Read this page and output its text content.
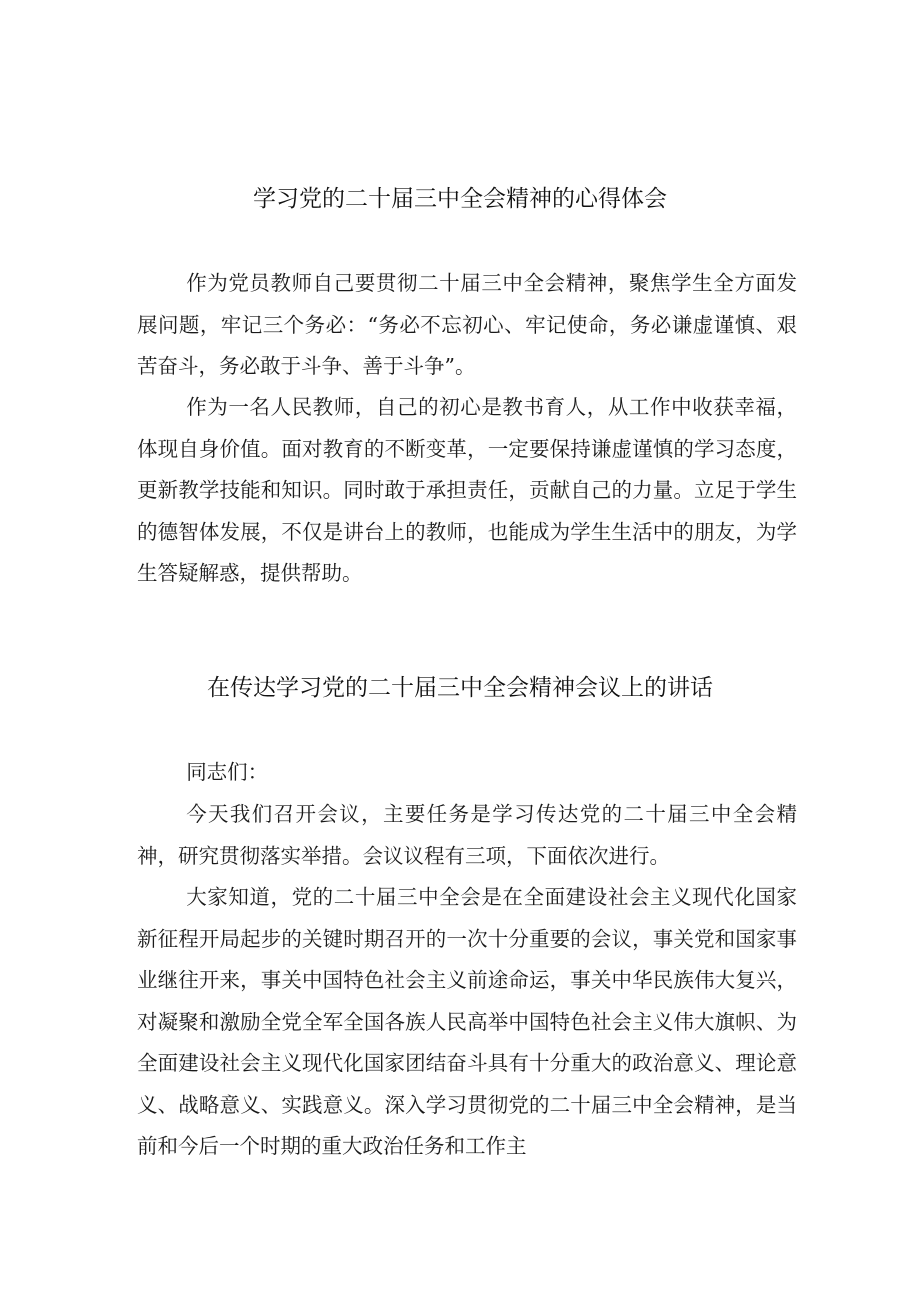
学习党的二十届三中全会精神的心得体会

作为党员教师自己要贯彻二十届三中全会精神，聚焦学生全方面发展问题，牢记三个务必：“务必不忘初心、牢记使命，务必谦虚谨慎、艰苦奋斗，务必敢于斗争、善于斗争”。

作为一名人民教师，自己的初心是教书育人，从工作中收获幸福，体现自身价值。面对教育的不断变革，一定要保持谦虚谨慎的学习态度，更新教学技能和知识。同时敢于承担责任，贡献自己的力量。立足于学生的德智体发展，不仅是讲台上的教师，也能成为学生生活中的朋友，为学生答疑解惑，提供帮助。

在传达学习党的二十届三中全会精神会议上的讲话

同志们：

今天我们召开会议，主要任务是学习传达党的二十届三中全会精神，研究贯彻落实举措。会议议程有三项，下面依次进行。

大家知道，党的二十届三中全会是在全面建设社会主义现代化国家新征程开局起步的关键时期召开的一次十分重要的会议，事关党和国家事业继往开来，事关中国特色社会主义前途命运，事关中华民族伟大复兴，对凝聚和激励全党全军全国各族人民高举中国特色社会主义伟大旗帜、为全面建设社会主义现代化国家团结奋斗具有十分重大的政治意义、理论意义、战略意义、实践意义。深入学习贯彻党的二十届三中全会精神，是当前和今后一个时期的重大政治任务和工作主
